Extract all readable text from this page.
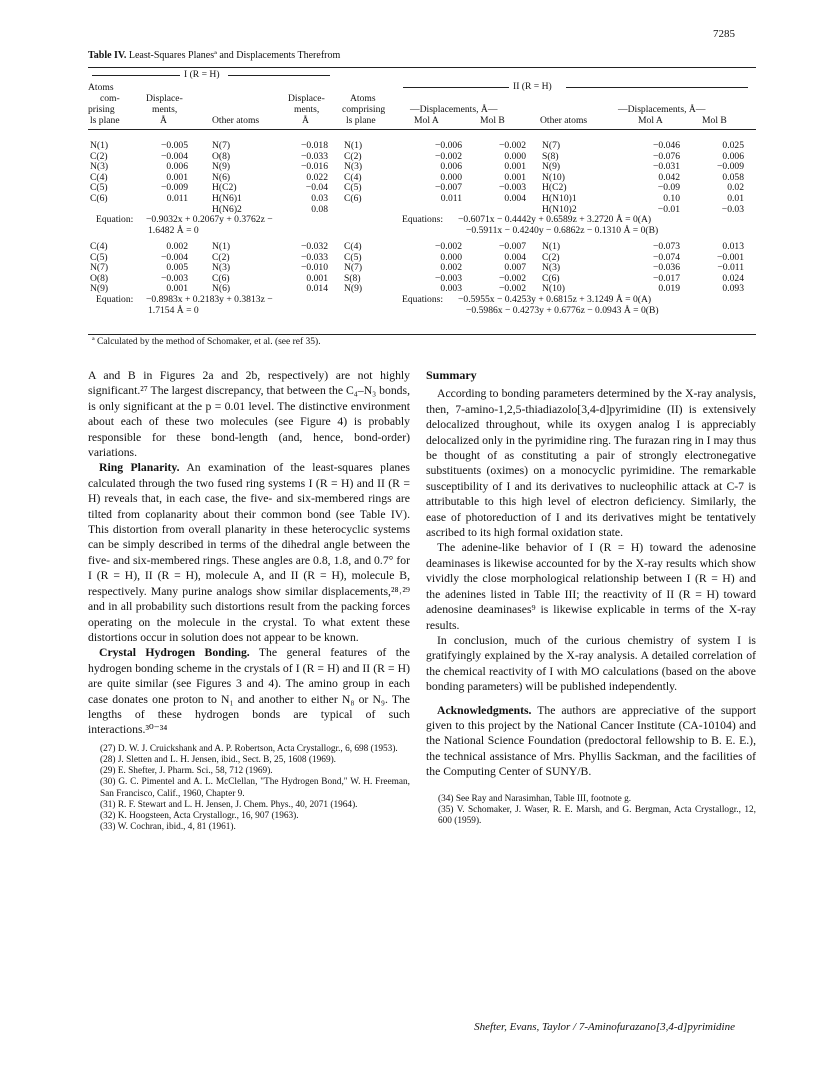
7285
Table IV. Least-Squares Planesª and Displacements Therefrom
I (R = H)
II (R = H)
Atoms
com-
prising
ls plane
Displace-
ments,
Å	Other atoms
Displace-
ments,
Å
Atoms
comprising
ls plane
—Displacements, Å—
Mol A	Mol B	Other atoms
—Displacements, Å—
Mol A	Mol B
N(1)	−0.005	N(7)	−0.018 N(1)	−0.006	−0.002 N(7)	−0.046	0.025
C(2)	−0.004	O(8)	−0.033 C(2)	−0.002	0.000 S(8)	−0.076	0.006
N(3)	0.006	N(9)	−0.016 N(3)	0.006	0.001 N(9)	−0.031	−0.009
C(4)	0.001	N(6)	0.022 C(4)	0.000	0.001 N(10)	0.042	0.058
C(5)	−0.009	H(C2)	−0.04 C(5)	−0.007	−0.003 H(C2)	−0.09	0.02
C(6)	0.011	H(N6)1	0.03 C(6)	0.011	0.004 H(N10)1	0.10	0.01
H(N6)2	0.08	H(N10)2	−0.01	−0.03
Equation: −0.9032x + 0.2067y + 0.3762z −
1.6482 Å = 0
Equations: −0.6071x − 0.4442y + 0.6589z + 3.2720 Å = 0(A)
−0.5911x − 0.4240y − 0.6862z − 0.1310 Å = 0(B)
C(4)	0.002	N(1)	−0.032 C(4)	−0.002	−0.007 N(1)	−0.073	0.013
C(5)	−0.004	C(2)	−0.033 C(5)	0.000	0.004 C(2)	−0.074	−0.001
N(7)	0.005	N(3)	−0.010 N(7)	0.002	0.007 N(3)	−0.036	−0.011
O(8)	−0.003	C(6)	0.001 S(8)	−0.003	−0.002 C(6)	−0.017	0.024
N(9)	0.001	N(6)	0.014 N(9)	0.003	−0.002 N(10)	0.019	0.093
Equation: −0.8983x + 0.2183y + 0.3813z −
1.7154 Å = 0
Equations: −0.5955x − 0.4253y + 0.6815z + 3.1249 Å = 0(A)
−0.5986x − 0.4273y + 0.6776z − 0.0943 Å = 0(B)
ª Calculated by the method of Schomaker, et al. (see ref 35).

A and B in Figures 2a and 2b, respectively) are not highly significant.²⁷ The largest discrepancy, that between the C₄–N₃ bonds, is only significant at the p = 0.01 level. The distinctive environment about each of these two molecules (see Figure 4) is probably responsible for these bond-length (and, hence, bond-order) variations.

Ring Planarity. An examination of the least-squares planes calculated through the two fused ring systems I (R = H) and II (R = H) reveals that, in each case, the five- and six-membered rings are tilted from coplanarity about their common bond (see Table IV). This distortion from overall planarity in these heterocyclic systems can be simply described in terms of the dihedral angle between the five- and six-membered rings. These angles are 0.8, 1.8, and 0.7° for I (R = H), II (R = H), molecule A, and II (R = H), molecule B, respectively. Many purine analogs show similar displacements,²⁸˒²⁹ and in all probability such distortions result from the packing forces operating on the molecule in the crystal. To what extent these distortions occur in solution does not appear to be known.

Crystal Hydrogen Bonding. The general features of the hydrogen bonding scheme in the crystals of I (R = H) and II (R = H) are quite similar (see Figures 3 and 4). The amino group in each case donates one proton to N₁ and another to either N₈ or N₉. The lengths of these hydrogen bonds are typical of such interactions.³⁰⁻³⁴

(27) D. W. J. Cruickshank and A. P. Robertson, Acta Crystallogr., 6, 698 (1953).
(28) J. Sletten and L. H. Jensen, ibid., Sect. B, 25, 1608 (1969).
(29) E. Shefter, J. Pharm. Sci., 58, 712 (1969).
(30) G. C. Pimentel and A. L. McClellan, "The Hydrogen Bond," W. H. Freeman, San Francisco, Calif., 1960, Chapter 9.
(31) R. F. Stewart and L. H. Jensen, J. Chem. Phys., 40, 2071 (1964).
(32) K. Hoogsteen, Acta Crystallogr., 16, 907 (1963).
(33) W. Cochran, ibid., 4, 81 (1961).
Summary

According to bonding parameters determined by the X-ray analysis, then, 7-amino-1,2,5-thiadiazolo[3,4-d]pyrimidine (II) is extensively delocalized throughout, while its oxygen analog I is appreciably delocalized only in the pyrimidine ring. The furazan ring in I may thus be thought of as constituting a pair of strongly electronegative substituents (oximes) on a monocyclic pyrimidine. The remarkable susceptibility of I and its derivatives to nucleophilic attack at C-7 is attributable to this high level of electron deficiency. Similarly, the ease of photoreduction of I and its derivatives might be tentatively ascribed to its high formal oxidation state.

The adenine-like behavior of I (R = H) toward the adenosine deaminases is likewise accounted for by the X-ray results which show vividly the close morphological relationship between I (R = H) and the adenines listed in Table III; the reactivity of II (R = H) toward adenosine deaminases⁹ is likewise explicable in terms of the X-ray results.

In conclusion, much of the curious chemistry of system I is gratifyingly explained by the X-ray analysis. A detailed correlation of the chemical reactivity of I with MO calculations (based on the above bonding parameters) will be published independently.

Acknowledgments. The authors are appreciative of the support given to this project by the National Cancer Institute (CA-10104) and the National Science Foundation (predoctoral fellowship to B. E. E.), the technical assistance of Mrs. Phyllis Sackman, and the facilities of the Computing Center of SUNY/B.

(34) See Ray and Narasimhan, Table III, footnote g.
(35) V. Schomaker, J. Waser, R. E. Marsh, and G. Bergman, Acta Crystallogr., 12, 600 (1959).
Shefter, Evans, Taylor / 7-Aminofurazano[3,4-d]pyrimidine
